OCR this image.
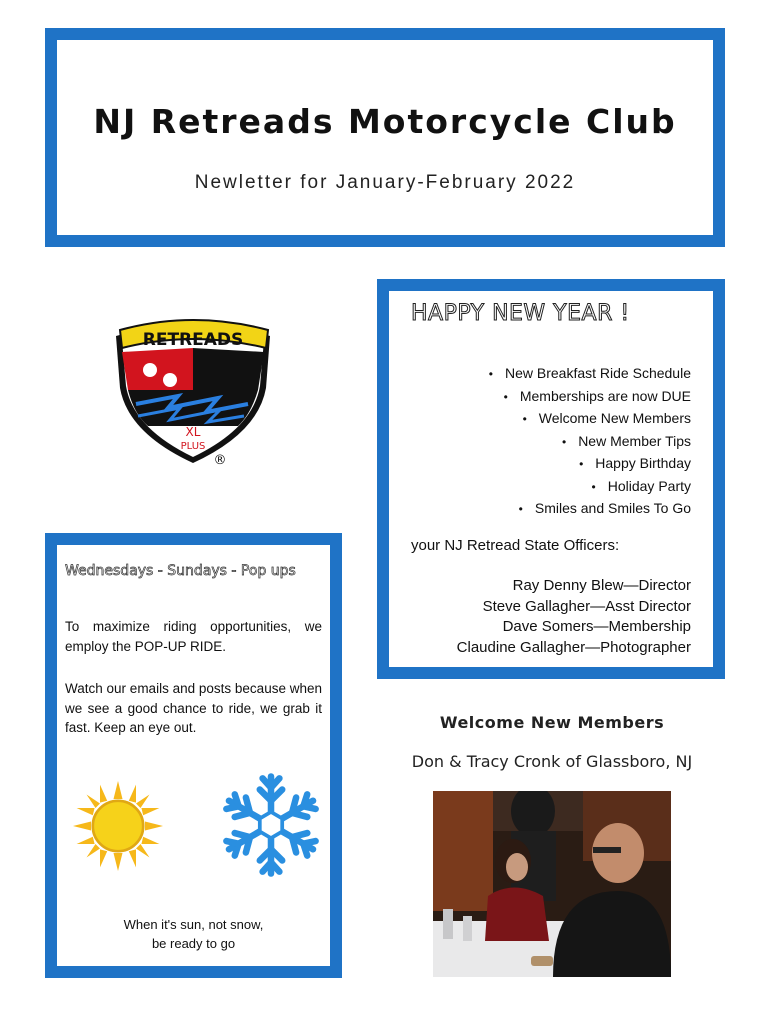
NJ Retreads Motorcycle Club
Newletter for January-February 2022
RETREADS
XL
PLUS
®
HAPPY NEW YEAR !
• New Breakfast Ride Schedule
• Memberships are now DUE
• Welcome New Members
• New Member Tips
• Happy Birthday
• Holiday Party
• Smiles and Smiles To Go
your NJ Retread State Officers:
Ray Denny Blew—Director
Steve Gallagher—Asst Director
Dave Somers—Membership
Claudine Gallagher—Photographer
Wednesdays - Sundays - Pop ups
To maximize riding opportunities, we employ the POP-UP RIDE.
Watch our emails and posts because when we see a good chance to ride, we grab it fast. Keep an eye out.
When it's sun, not snow,
be ready to go
Welcome New Members
Don & Tracy Cronk of Glassboro, NJ
